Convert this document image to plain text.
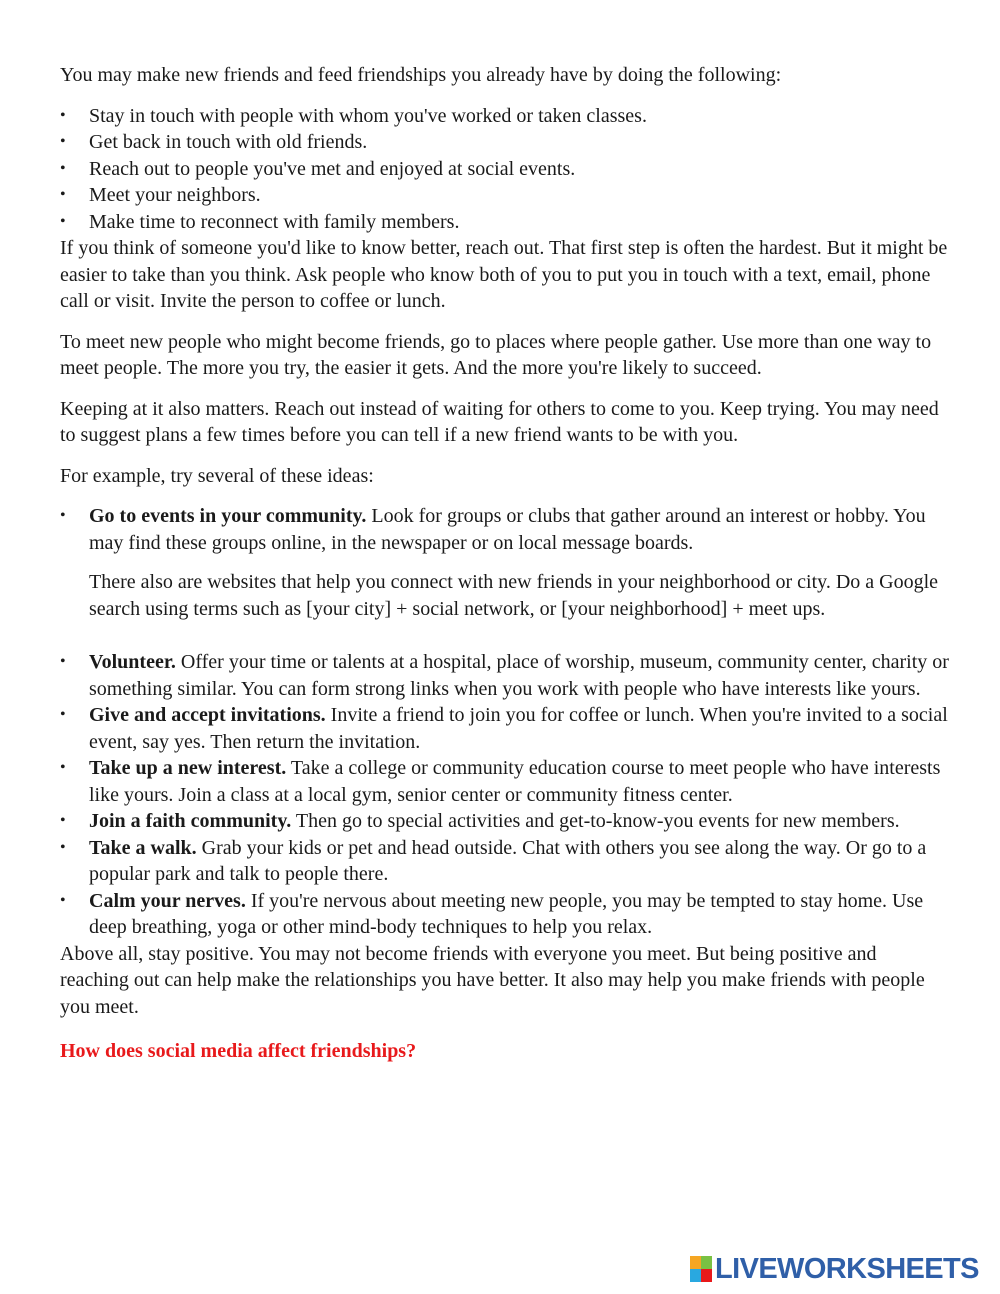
You may make new friends and feed friendships you already have by doing the following:

• Stay in touch with people with whom you've worked or taken classes.
• Get back in touch with old friends.
• Reach out to people you've met and enjoyed at social events.
• Meet your neighbors.
• Make time to reconnect with family members.

If you think of someone you'd like to know better, reach out. That first step is often the hardest. But it might be easier to take than you think. Ask people who know both of you to put you in touch with a text, email, phone call or visit. Invite the person to coffee or lunch.

To meet new people who might become friends, go to places where people gather. Use more than one way to meet people. The more you try, the easier it gets. And the more you're likely to succeed.

Keeping at it also matters. Reach out instead of waiting for others to come to you. Keep trying. You may need to suggest plans a few times before you can tell if a new friend wants to be with you.

For example, try several of these ideas:

• Go to events in your community. Look for groups or clubs that gather around an interest or hobby. You may find these groups online, in the newspaper or on local message boards.

There also are websites that help you connect with new friends in your neighborhood or city. Do a Google search using terms such as [your city] + social network, or [your neighborhood] + meet ups.

• Volunteer. Offer your time or talents at a hospital, place of worship, museum, community center, charity or something similar. You can form strong links when you work with people who have interests like yours.
• Give and accept invitations. Invite a friend to join you for coffee or lunch. When you're invited to a social event, say yes. Then return the invitation.
• Take up a new interest. Take a college or community education course to meet people who have interests like yours. Join a class at a local gym, senior center or community fitness center.
• Join a faith community. Then go to special activities and get-to-know-you events for new members.
• Take a walk. Grab your kids or pet and head outside. Chat with others you see along the way. Or go to a popular park and talk to people there.
• Calm your nerves. If you're nervous about meeting new people, you may be tempted to stay home. Use deep breathing, yoga or other mind-body techniques to help you relax.

Above all, stay positive. You may not become friends with everyone you meet. But being positive and reaching out can help make the relationships you have better. It also may help you make friends with people you meet.

How does social media affect friendships?

LIVEWORKSHEETS
